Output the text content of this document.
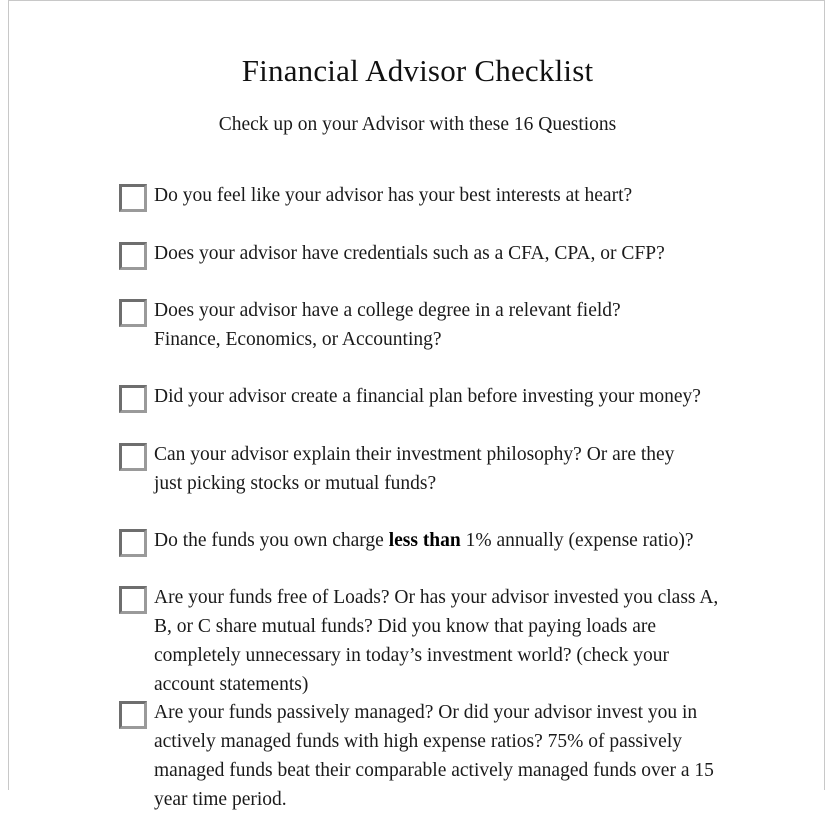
Financial Advisor Checklist
Check up on your Advisor with these 16 Questions
Do you feel like your advisor has your best interests at heart?
Does your advisor have credentials such as a CFA, CPA, or CFP?
Does your advisor have a college degree in a relevant field? Finance, Economics, or Accounting?
Did your advisor create a financial plan before investing your money?
Can your advisor explain their investment philosophy? Or are they just picking stocks or mutual funds?
Do the funds you own charge less than 1% annually (expense ratio)?
Are your funds free of Loads? Or has your advisor invested you class A, B, or C share mutual funds? Did you know that paying loads are completely unnecessary in today’s investment world? (check your account statements)
Are your funds passively managed? Or did your advisor invest you in actively managed funds with high expense ratios? 75% of passively managed funds beat their comparable actively managed funds over a 15 year time period.
